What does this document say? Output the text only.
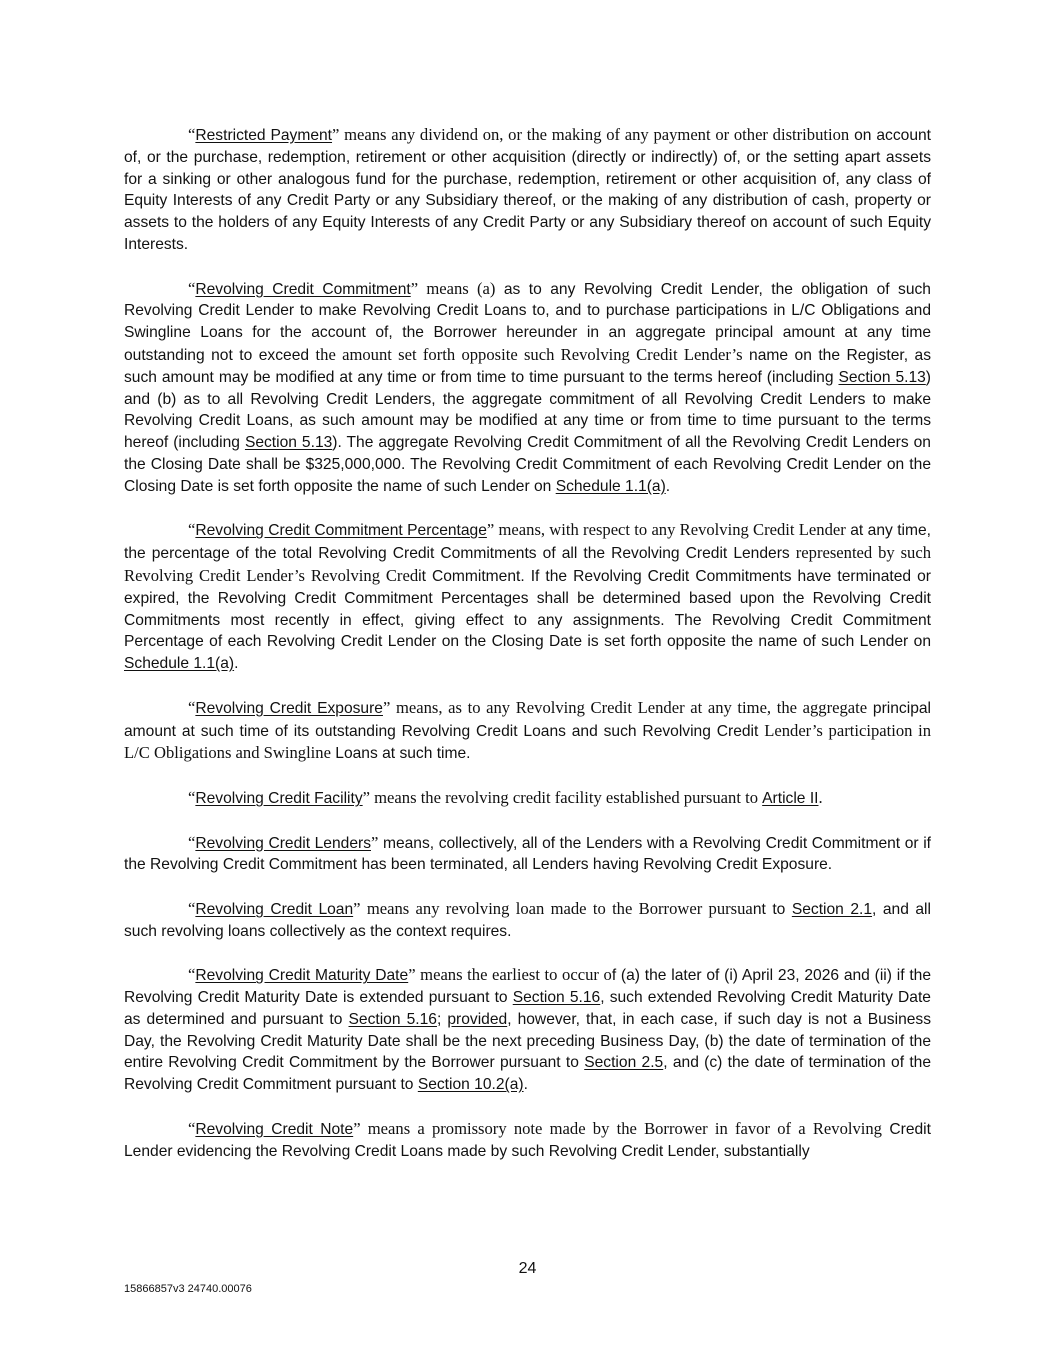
“Restricted Payment” means any dividend on, or the making of any payment or other distribution on account of, or the purchase, redemption, retirement or other acquisition (directly or indirectly) of, or the setting apart assets for a sinking or other analogous fund for the purchase, redemption, retirement or other acquisition of, any class of Equity Interests of any Credit Party or any Subsidiary thereof, or the making of any distribution of cash, property or assets to the holders of any Equity Interests of any Credit Party or any Subsidiary thereof on account of such Equity Interests.

“Revolving Credit Commitment” means (a) as to any Revolving Credit Lender, the obligation of such Revolving Credit Lender to make Revolving Credit Loans to, and to purchase participations in L/C Obligations and Swingline Loans for the account of, the Borrower hereunder in an aggregate principal amount at any time outstanding not to exceed the amount set forth opposite such Revolving Credit Lender’s name on the Register, as such amount may be modified at any time or from time to time pursuant to the terms hereof (including Section 5.13) and (b) as to all Revolving Credit Lenders, the aggregate commitment of all Revolving Credit Lenders to make Revolving Credit Loans, as such amount may be modified at any time or from time to time pursuant to the terms hereof (including Section 5.13). The aggregate Revolving Credit Commitment of all the Revolving Credit Lenders on the Closing Date shall be $325,000,000. The Revolving Credit Commitment of each Revolving Credit Lender on the Closing Date is set forth opposite the name of such Lender on Schedule 1.1(a).

“Revolving Credit Commitment Percentage” means, with respect to any Revolving Credit Lender at any time, the percentage of the total Revolving Credit Commitments of all the Revolving Credit Lenders represented by such Revolving Credit Lender’s Revolving Credit Commitment. If the Revolving Credit Commitments have terminated or expired, the Revolving Credit Commitment Percentages shall be determined based upon the Revolving Credit Commitments most recently in effect, giving effect to any assignments. The Revolving Credit Commitment Percentage of each Revolving Credit Lender on the Closing Date is set forth opposite the name of such Lender on Schedule 1.1(a).

“Revolving Credit Exposure” means, as to any Revolving Credit Lender at any time, the aggregate principal amount at such time of its outstanding Revolving Credit Loans and such Revolving Credit Lender’s participation in L/C Obligations and Swingline Loans at such time.

“Revolving Credit Facility” means the revolving credit facility established pursuant to Article II.

“Revolving Credit Lenders” means, collectively, all of the Lenders with a Revolving Credit Commitment or if the Revolving Credit Commitment has been terminated, all Lenders having Revolving Credit Exposure.

“Revolving Credit Loan” means any revolving loan made to the Borrower pursuant to Section 2.1, and all such revolving loans collectively as the context requires.

“Revolving Credit Maturity Date” means the earliest to occur of (a) the later of (i) April 23, 2026 and (ii) if the Revolving Credit Maturity Date is extended pursuant to Section 5.16, such extended Revolving Credit Maturity Date as determined and pursuant to Section 5.16; provided, however, that, in each case, if such day is not a Business Day, the Revolving Credit Maturity Date shall be the next preceding Business Day, (b) the date of termination of the entire Revolving Credit Commitment by the Borrower pursuant to Section 2.5, and (c) the date of termination of the Revolving Credit Commitment pursuant to Section 10.2(a).

“Revolving Credit Note” means a promissory note made by the Borrower in favor of a Revolving Credit Lender evidencing the Revolving Credit Loans made by such Revolving Credit Lender, substantially

24
15866857v3 24740.00076
